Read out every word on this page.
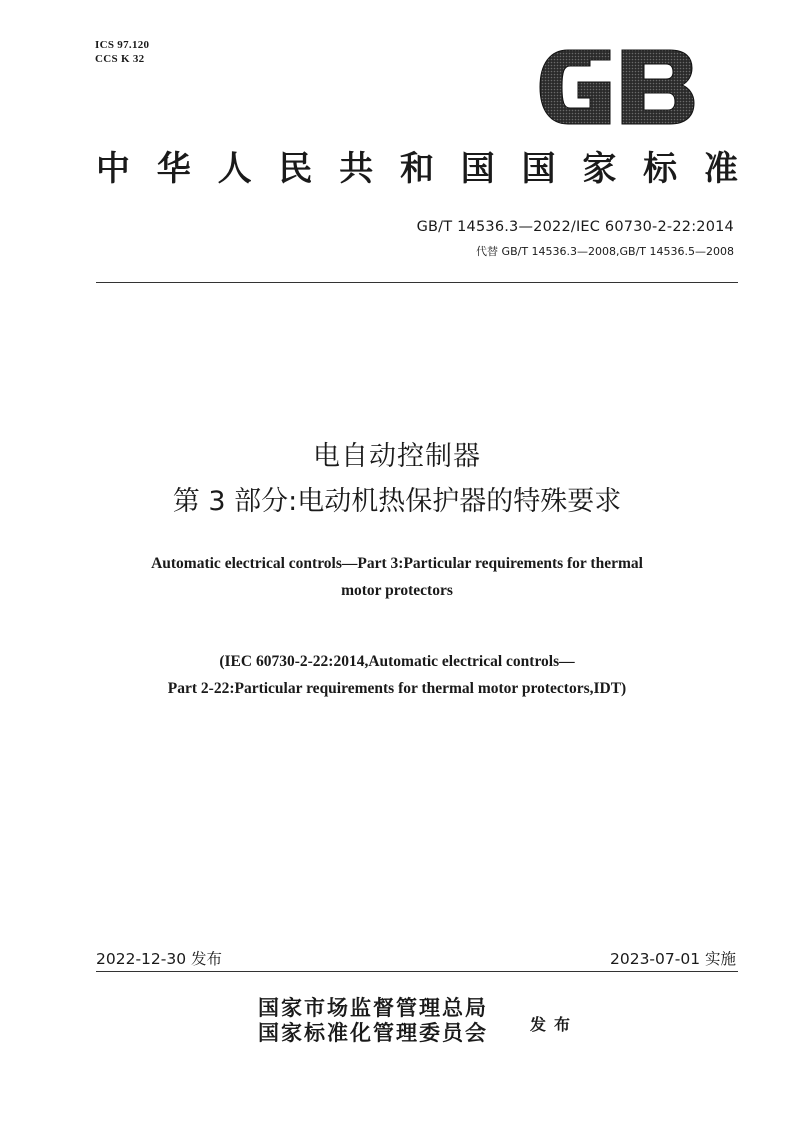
ICS 97.120
CCS K 32
中 华 人 民 共 和 国 国 家 标 准
GB/T 14536.3—2022/IEC 60730-2-22:2014
代替 GB/T 14536.3—2008,GB/T 14536.5—2008
电自动控制器
第 3 部分:电动机热保护器的特殊要求
Automatic electrical controls—Part 3:Particular requirements for thermal
motor protectors
(IEC 60730-2-22:2014,Automatic electrical controls—
Part 2-22:Particular requirements for thermal motor protectors,IDT)
2022-12-30 发布	2023-07-01 实施
国家市场监督管理总局
国家标准化管理委员会	发布
